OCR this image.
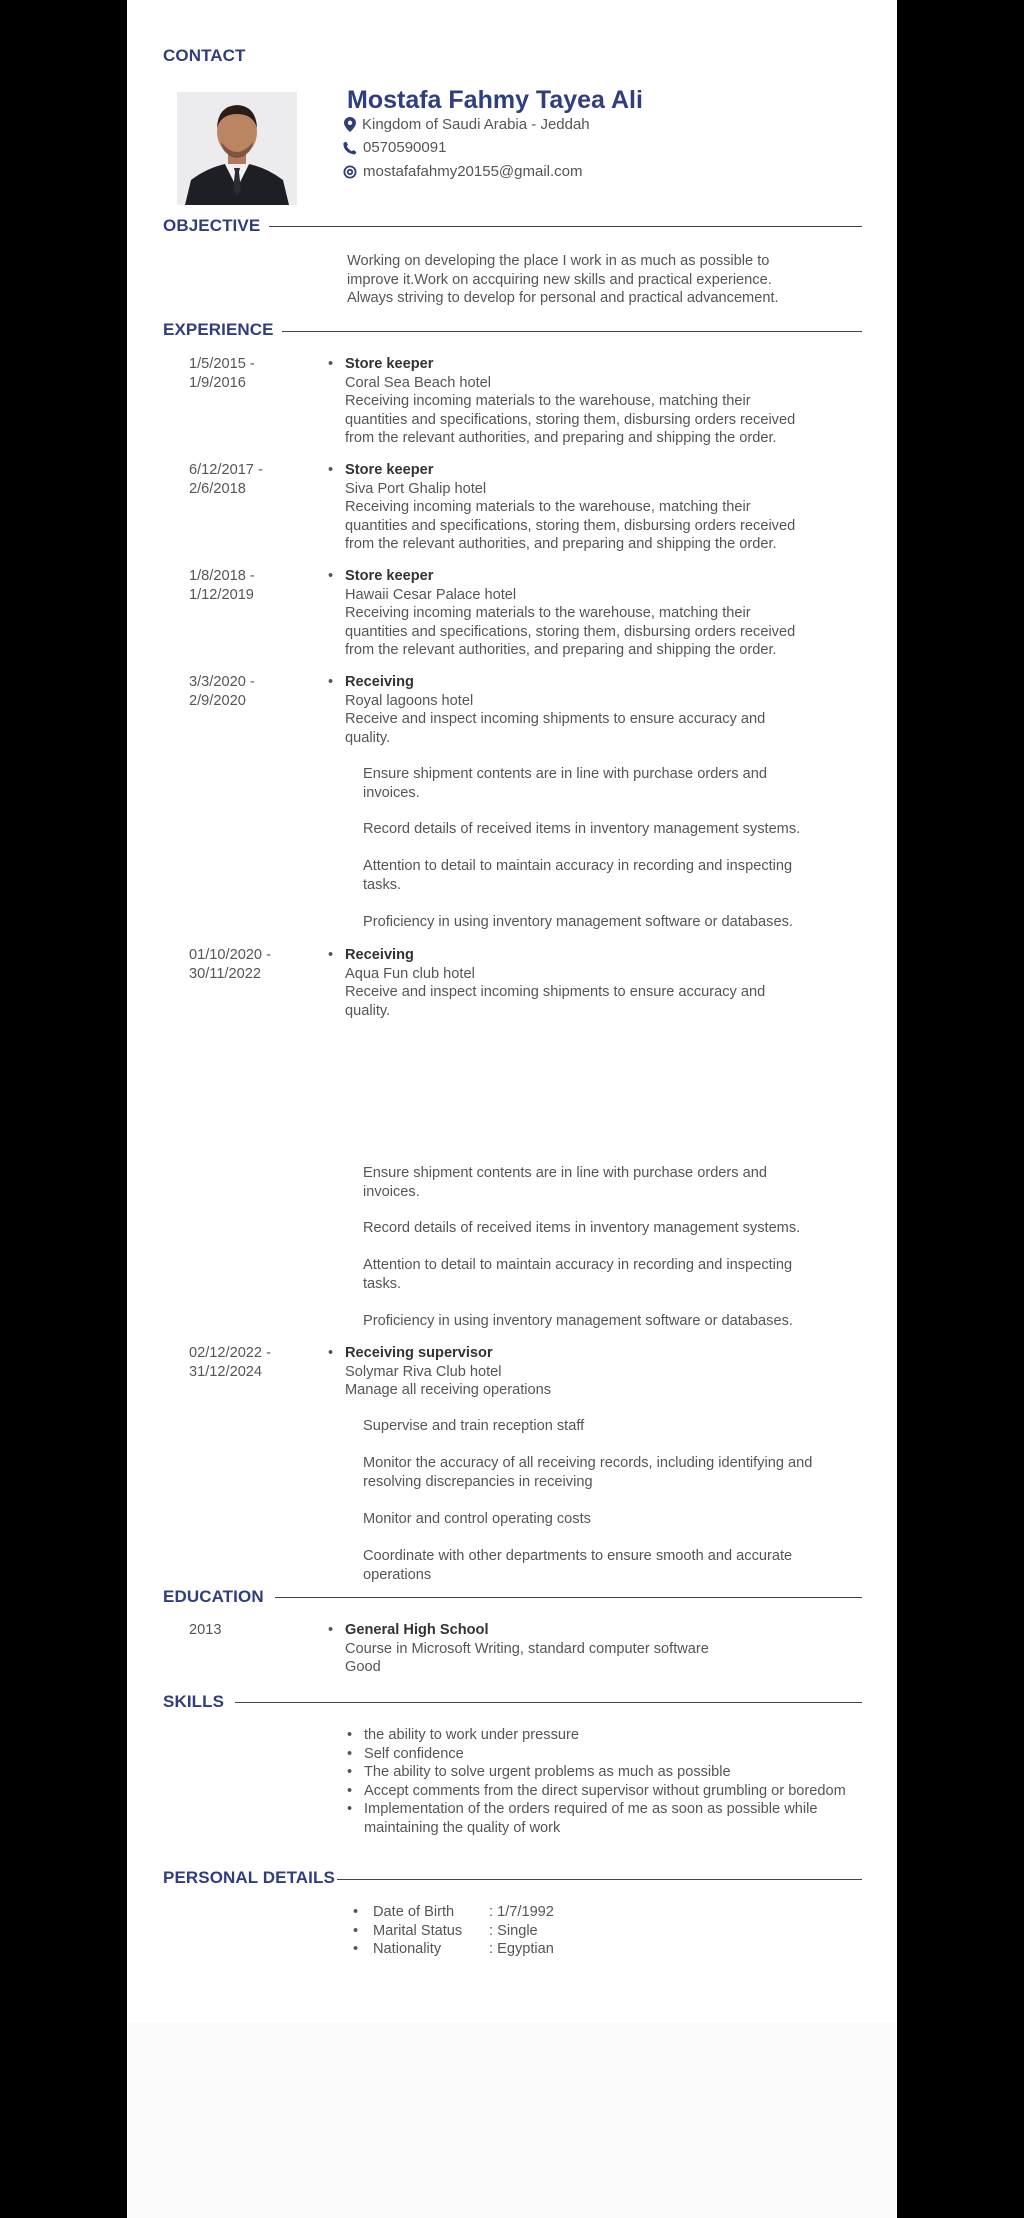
CONTACT
Mostafa Fahmy Tayea Ali
Kingdom of Saudi Arabia - Jeddah
0570590091
mostafafahmy20155@gmail.com
OBJECTIVE
Working on developing the place I work in as much as possible to
improve it.Work on accquiring new skills and practical experience.
Always striving to develop for personal and practical advancement.
EXPERIENCE
1/5/2015 -
1/9/2016
• Store keeper
Coral Sea Beach hotel
Receiving incoming materials to the warehouse, matching their
quantities and specifications, storing them, disbursing orders received
from the relevant authorities, and preparing and shipping the order.
6/12/2017 -
2/6/2018
• Store keeper
Siva Port Ghalip hotel
Receiving incoming materials to the warehouse, matching their
quantities and specifications, storing them, disbursing orders received
from the relevant authorities, and preparing and shipping the order.
1/8/2018 -
1/12/2019
• Store keeper
Hawaii Cesar Palace hotel
Receiving incoming materials to the warehouse, matching their
quantities and specifications, storing them, disbursing orders received
from the relevant authorities, and preparing and shipping the order.
3/3/2020 -
2/9/2020
• Receiving
Royal lagoons hotel
Receive and inspect incoming shipments to ensure accuracy and
quality.
Ensure shipment contents are in line with purchase orders and
invoices.
Record details of received items in inventory management systems.
Attention to detail to maintain accuracy in recording and inspecting
tasks.
Proficiency in using inventory management software or databases.
01/10/2020 -
30/11/2022
• Receiving
Aqua Fun club hotel
Receive and inspect incoming shipments to ensure accuracy and
quality.
Ensure shipment contents are in line with purchase orders and
invoices.
Record details of received items in inventory management systems.
Attention to detail to maintain accuracy in recording and inspecting
tasks.
Proficiency in using inventory management software or databases.
02/12/2022 -
31/12/2024
• Receiving supervisor
Solymar Riva Club hotel
Manage all receiving operations
Supervise and train reception staff
Monitor the accuracy of all receiving records, including identifying and
resolving discrepancies in receiving
Monitor and control operating costs
Coordinate with other departments to ensure smooth and accurate
operations
EDUCATION
2013
•	General High School
Course in Microsoft Writing, standard computer software
Good
SKILLS
• the ability to work under pressure
• Self confidence
• The ability to solve urgent problems as much as possible
• Accept comments from the direct supervisor without grumbling or boredom
• Implementation of the orders required of me as soon as possible while maintaining the quality of work
PERSONAL DETAILS
• Date of Birth	: 1/7/1992
• Marital Status	: Single
• Nationality	: Egyptian
